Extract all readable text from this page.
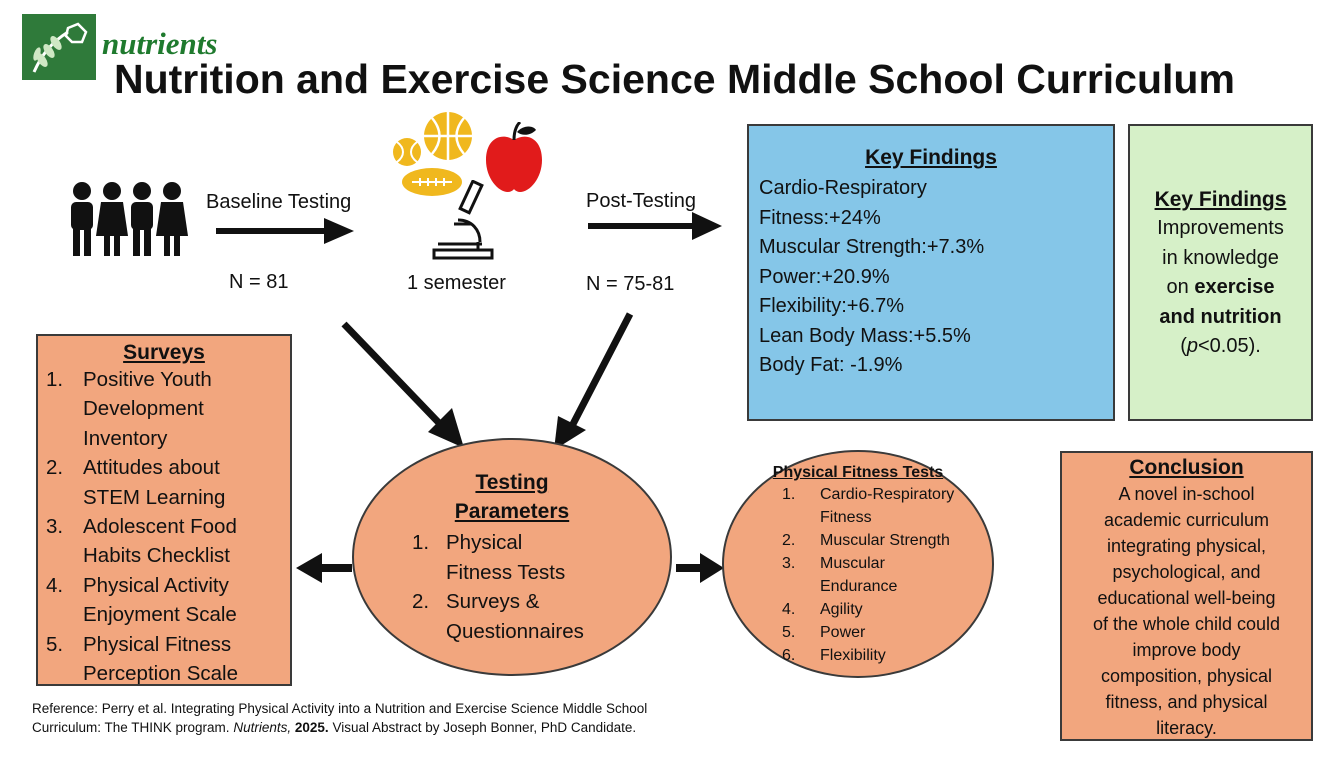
nutrients
Nutrition and Exercise Science Middle School Curriculum
Baseline Testing
N = 81	1 semester
Post-Testing
N = 75-81
Key Findings
Cardio-Respiratory
Fitness:+24%
Muscular Strength:+7.3%
Power:+20.9%
Flexibility:+6.7%
Lean Body Mass:+5.5%
Body Fat: -1.9%
Key Findings
Improvements
in knowledge
on exercise
and nutrition
(p<0.05).
Surveys
1. Positive Youth
Development
Inventory
2. Attitudes about
STEM Learning
3. Adolescent Food
Habits Checklist
4. Physical Activity
Enjoyment Scale
5. Physical Fitness
Perception Scale
Testing
Parameters
1. Physical
Fitness Tests
2. Surveys &
Questionnaires
Physical Fitness Tests
1.	Cardio-Respiratory
Fitness
2.	Muscular Strength
3.	Muscular
Endurance
4.	Agility
5.	Power
6.	Flexibility
Conclusion
A novel in-school
academic curriculum
integrating physical,
psychological, and
educational well-being
of the whole child could
improve body
composition, physical
fitness, and physical
literacy.
Reference: Perry et al. Integrating Physical Activity into a Nutrition and Exercise Science Middle School
Curriculum: The THINK program. Nutrients, 2025. Visual Abstract by Joseph Bonner, PhD Candidate.
